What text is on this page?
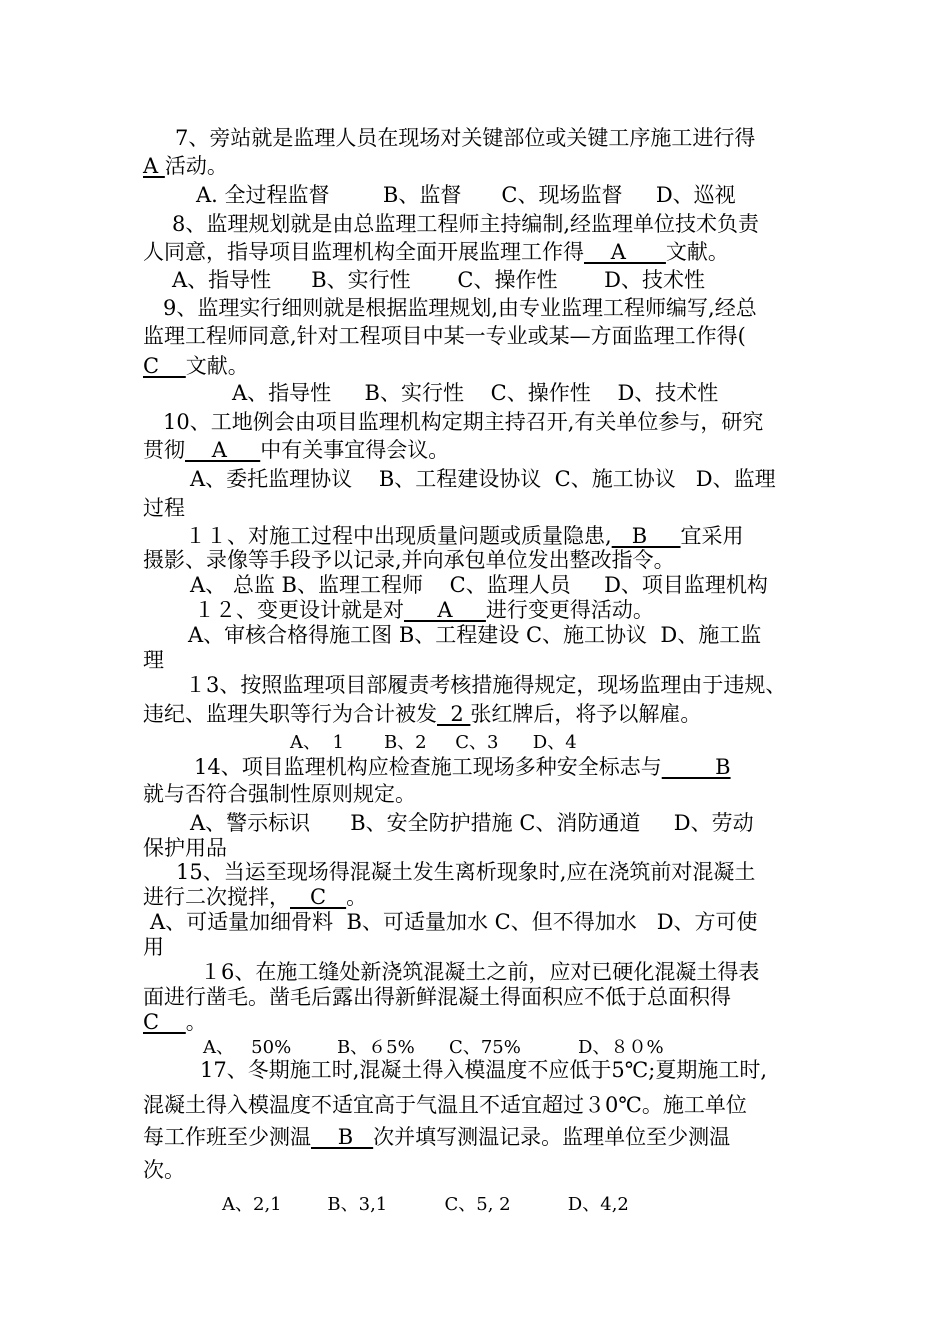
7、旁站就是监理人员在现场对关键部位或关键工序施工进行得
A 活动。
A. 全过程监督        B、监督      C、现场监督     D、巡视
8、监理规划就是由总监理工程师主持编制,经监理单位技术负责
人同意，指导项目监理机构全面开展监理工作得    A      文献。
A、指导性      B、实行性       C、操作性       D、技术性
9、监理实行细则就是根据监理规划,由专业监理工程师编写,经总
监理工程师同意,针对工程项目中某一专业或某—方面监理工作得(
C    文献。
A、指导性     B、实行性    C、操作性    D、技术性
10、工地例会由项目监理机构定期主持召开,有关单位参与，研究
贯彻    A     中有关事宜得会议。
A、委托监理协议    B、工程建设协议  C、施工协议   D、监理
过程
１１、对施工过程中出现质量问题或质量隐患,   B     宜采用
摄影、录像等手段予以记录,并向承包单位发出整改指令。
A、 总监 B、监理工程师    C、监理人员     D、项目监理机构
１２、变更设计就是对     A     进行变更得活动。
A、审核合格得施工图 B、工程建设 C、施工协议  D、施工监
理
１3、按照监理项目部履责考核措施得规定，现场监理由于违规、
违纪、监理失职等行为合计被发  2 张红牌后，将予以解雇。
A、  1       B、2     C、3      D、4
14、项目监理机构应检查施工现场多种安全标志与        B
就与否符合强制性原则规定。
A、警示标识      B、安全防护措施 C、消防通道     D、劳动
保护用品
15、当运至现场得混凝土发生离析现象时,应在浇筑前对混凝土
进行二次搅拌，   C   。
A、可适量加细骨料  B、可适量加水 C、但不得加水   D、方可使
用
１6、在施工缝处新浇筑混凝土之前，应对已硬化混凝土得表
面进行凿毛。凿毛后露出得新鲜混凝土得面积应不低于总面积得
C    。
A、   50%        B、６5%      C、75%          D、８０%
17、冬期施工时,混凝土得入模温度不应低于5℃;夏期施工时,
混凝土得入模温度不适宜高于气温且不适宜超过３0℃。施工单位
每工作班至少测温    B   次并填写测温记录。监理单位至少测温
次。
A、2,1        B、3,1          C、5, 2          D、4,2
